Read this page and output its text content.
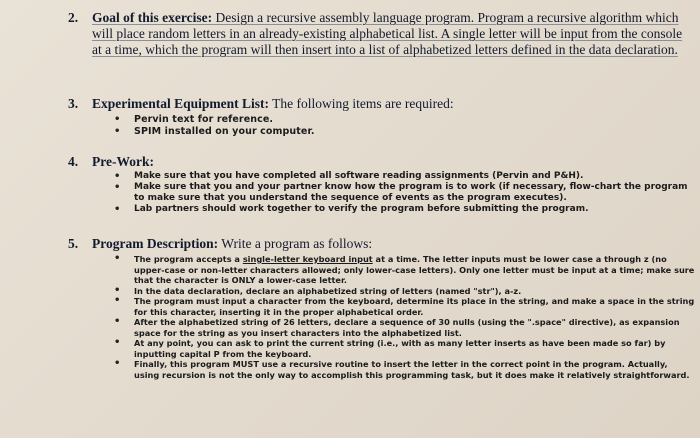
2. Goal of this exercise: Design a recursive assembly language program. Program a recursive algorithm which will place random letters in an already-existing alphabetical list. A single letter will be input from the console at a time, which the program will then insert into a list of alphabetized letters defined in the data declaration.
3. Experimental Equipment List: The following items are required:
• Pervin text for reference.
• SPIM installed on your computer.
4. Pre-Work:
• Make sure that you have completed all software reading assignments (Pervin and P&H).
• Make sure that you and your partner know how the program is to work (if necessary, flow-chart the program to make sure that you understand the sequence of events as the program executes).
• Lab partners should work together to verify the program before submitting the program.
5. Program Description: Write a program as follows:
• The program accepts a single-letter keyboard input at a time. The letter inputs must be lower case a through z (no upper-case or non-letter characters allowed; only lower-case letters). Only one letter must be input at a time; make sure that the character is ONLY a lower-case letter.
• In the data declaration, declare an alphabetized string of letters (named "str"), a-z.
• The program must input a character from the keyboard, determine its place in the string, and make a space in the string for this character, inserting it in the proper alphabetical order.
• After the alphabetized string of 26 letters, declare a sequence of 30 nulls (using the ".space" directive), as expansion space for the string as you insert characters into the alphabetized list.
• At any point, you can ask to print the current string (i.e., with as many letter inserts as have been made so far) by inputting capital P from the keyboard.
• Finally, this program MUST use a recursive routine to insert the letter in the correct point in the program. Actually, using recursion is not the only way to accomplish this programming task, but it does make it relatively straightforward.
